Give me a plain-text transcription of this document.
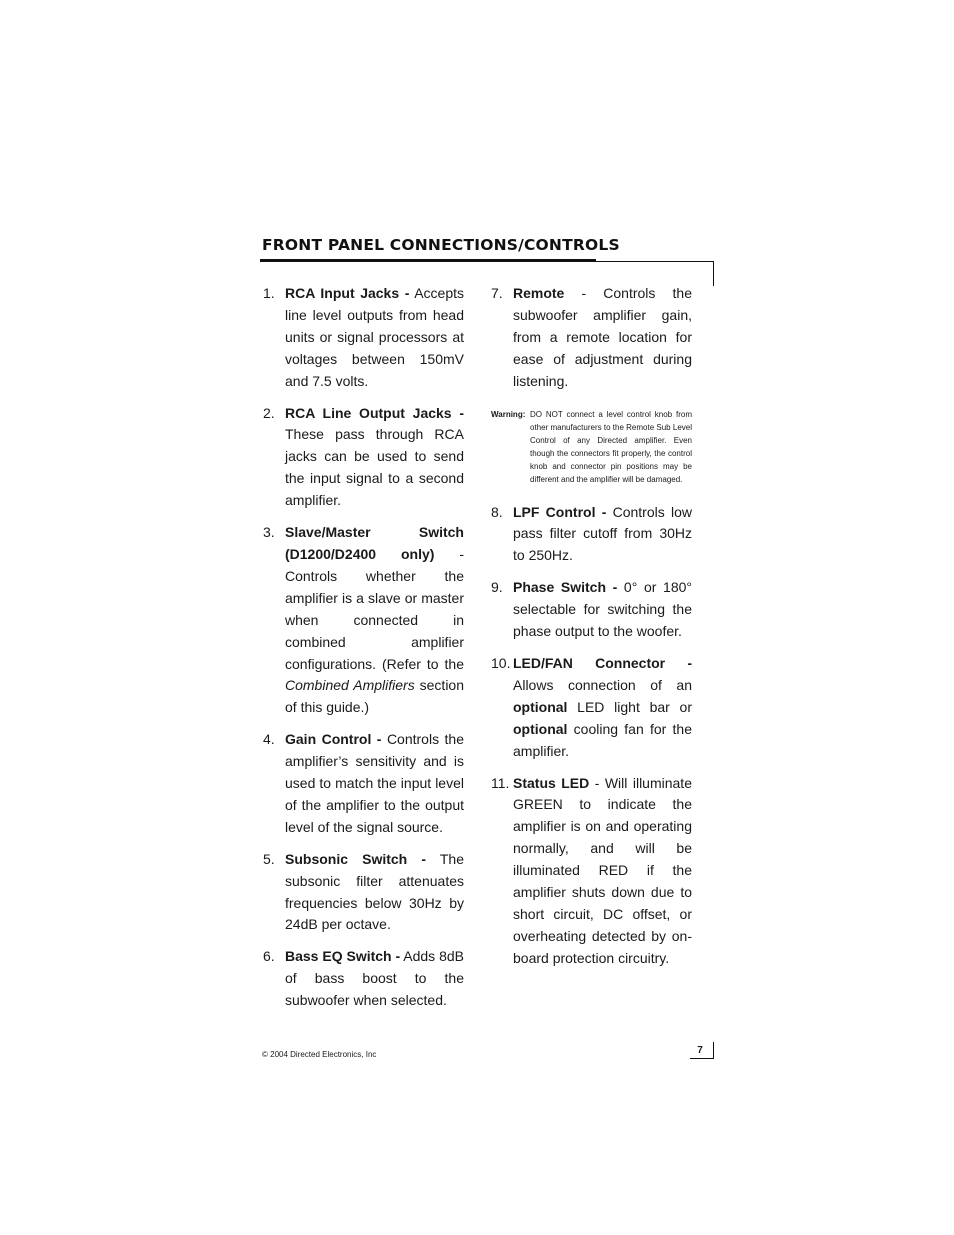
FRONT PANEL CONNECTIONS/CONTROLS
1. RCA Input Jacks - Accepts line level outputs from head units or signal processors at voltages between 150mV and 7.5 volts.
2. RCA Line Output Jacks - These pass through RCA jacks can be used to send the input signal to a second amplifier.
3. Slave/Master Switch (D1200/D2400 only) - Controls whether the amplifier is a slave or master when connected in combined amplifier configurations. (Refer to the Combined Amplifiers section of this guide.)
4. Gain Control - Controls the amplifier’s sensitivity and is used to match the input level of the amplifier to the output level of the signal source.
5. Subsonic Switch - The subsonic filter attenuates frequencies below 30Hz by 24dB per octave.
6. Bass EQ Switch - Adds 8dB of bass boost to the subwoofer when selected.
7. Remote - Controls the subwoofer amplifier gain, from a remote location for ease of adjustment during listening.
Warning: DO NOT connect a level control knob from other manufacturers to the Remote Sub Level Control of any Directed amplifier. Even though the connectors fit properly, the control knob and connector pin positions may be different and the amplifier will be damaged.
8. LPF Control - Controls low pass filter cutoff from 30Hz to 250Hz.
9. Phase Switch - 0° or 180° selectable for switching the phase output to the woofer.
10. LED/FAN Connector - Allows connection of an optional LED light bar or optional cooling fan for the amplifier.
11. Status LED - Will illuminate GREEN to indicate the amplifier is on and operating normally, and will be illuminated RED if the amplifier shuts down due to short circuit, DC offset, or overheating detected by on-board protection circuitry.
© 2004 Directed Electronics, Inc	7
